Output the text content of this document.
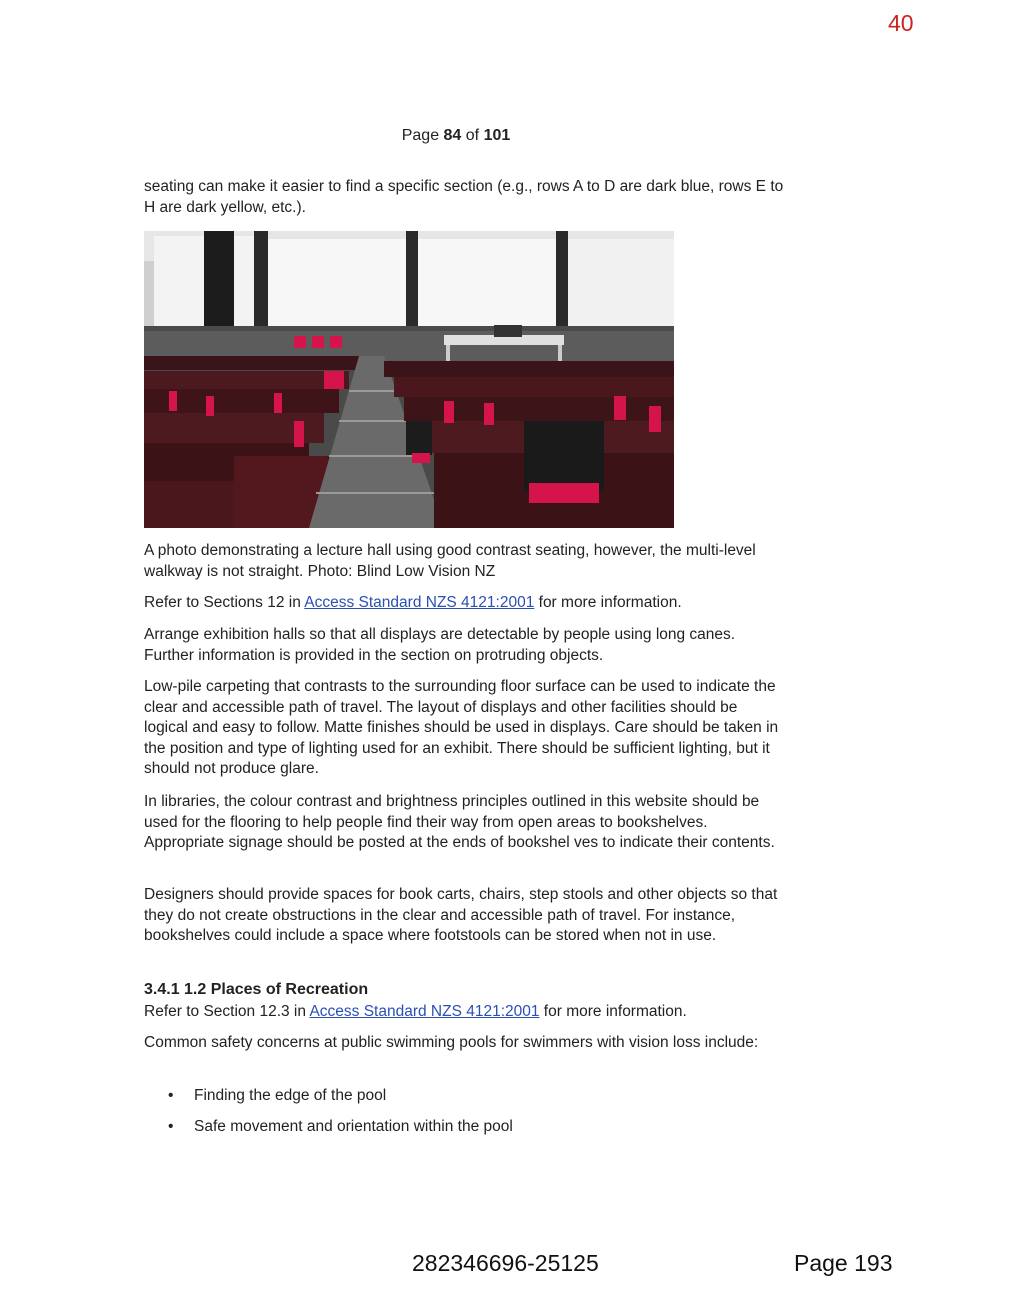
40
Page 84 of 101
seating can make it easier to find a specific section (e.g., rows A to D are dark blue, rows E to H are dark yellow, etc.).
A photo demonstrating a lecture hall using good contrast seating, however, the multi-level walkway is not straight. Photo: Blind Low Vision NZ
Refer to Sections 12 in Access Standard NZS 4121:2001 for more information.
Arrange exhibition halls so that all displays are detectable by people using long canes. Further information is provided in the section on protruding objects.
Low-pile carpeting that contrasts to the surrounding floor surface can be used to indicate the clear and accessible path of travel. The layout of displays and other facilities should be logical and easy to follow. Matte finishes should be used in displays. Care should be taken in the position and type of lighting used for an exhibit. There should be sufficient lighting, but it should not produce glare.
In libraries, the colour contrast and brightness principles outlined in this website should be used for the flooring to help people find their way from open areas to bookshelves. Appropriate signage should be posted at the ends of bookshel ves to indicate their contents.
Designers should provide spaces for book carts, chairs, step stools and other objects so that they do not create obstructions in the clear and accessible path of travel. For instance, bookshelves could include a space where footstools can be stored when not in use.
3.4.1 1.2 Places of Recreation
Refer to Section 12.3 in Access Standard NZS 4121:2001 for more information.
Common safety concerns at public swimming pools for swimmers with vision loss include:
• Finding the edge of the pool
• Safe movement and orientation within the pool
282346696-25125	Page 193
